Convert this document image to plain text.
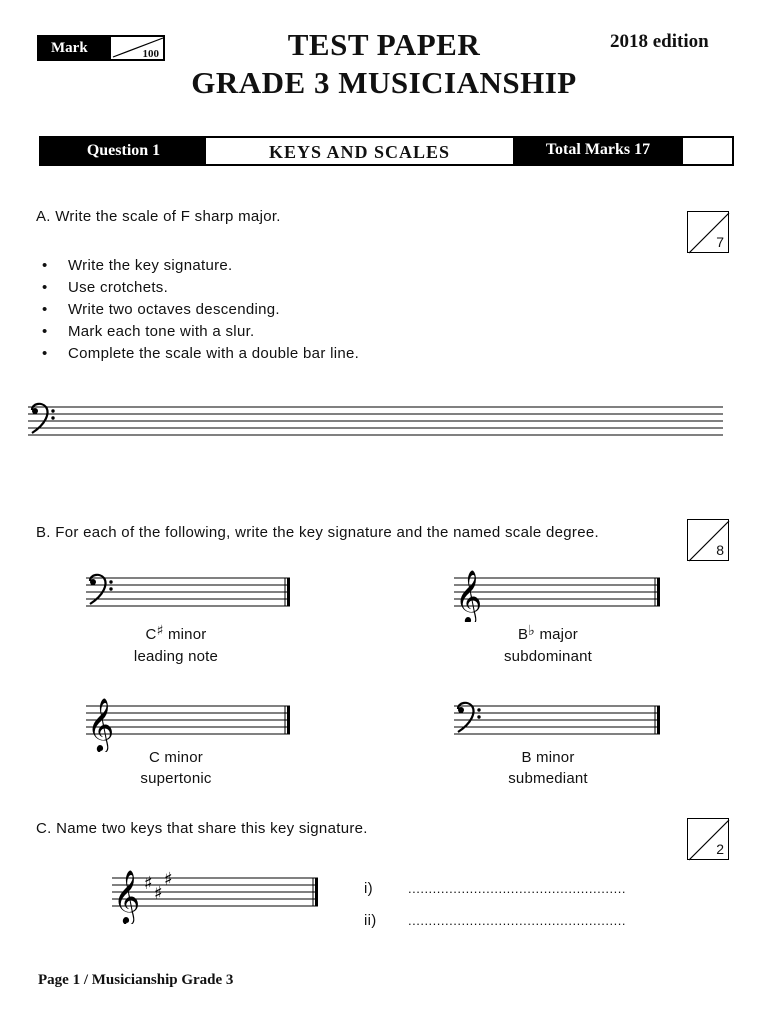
Mark	100	TEST PAPER
GRADE 3 MUSICIANSHIP
2018 edition
Question 1	KEYS AND SCALES	Total Marks 17
A. Write the scale of F sharp major.
7
• Write the key signature.
• Use crotchets.
• Write two octaves descending.
• Mark each tone with a slur.
• Complete the scale with a double bar line.
B. For each of the following, write the key signature and the named scale degree.
8
C♯ minor
leading note
𝄞
B♭ major
subdominant
𝄞
C minor
supertonic
B minor
submediant
C. Name two keys that share this key signature.
2
𝄞 ♯ ♯
♯	i)	.....................................................
ii) .....................................................
Page 1 / Musicianship Grade 3
